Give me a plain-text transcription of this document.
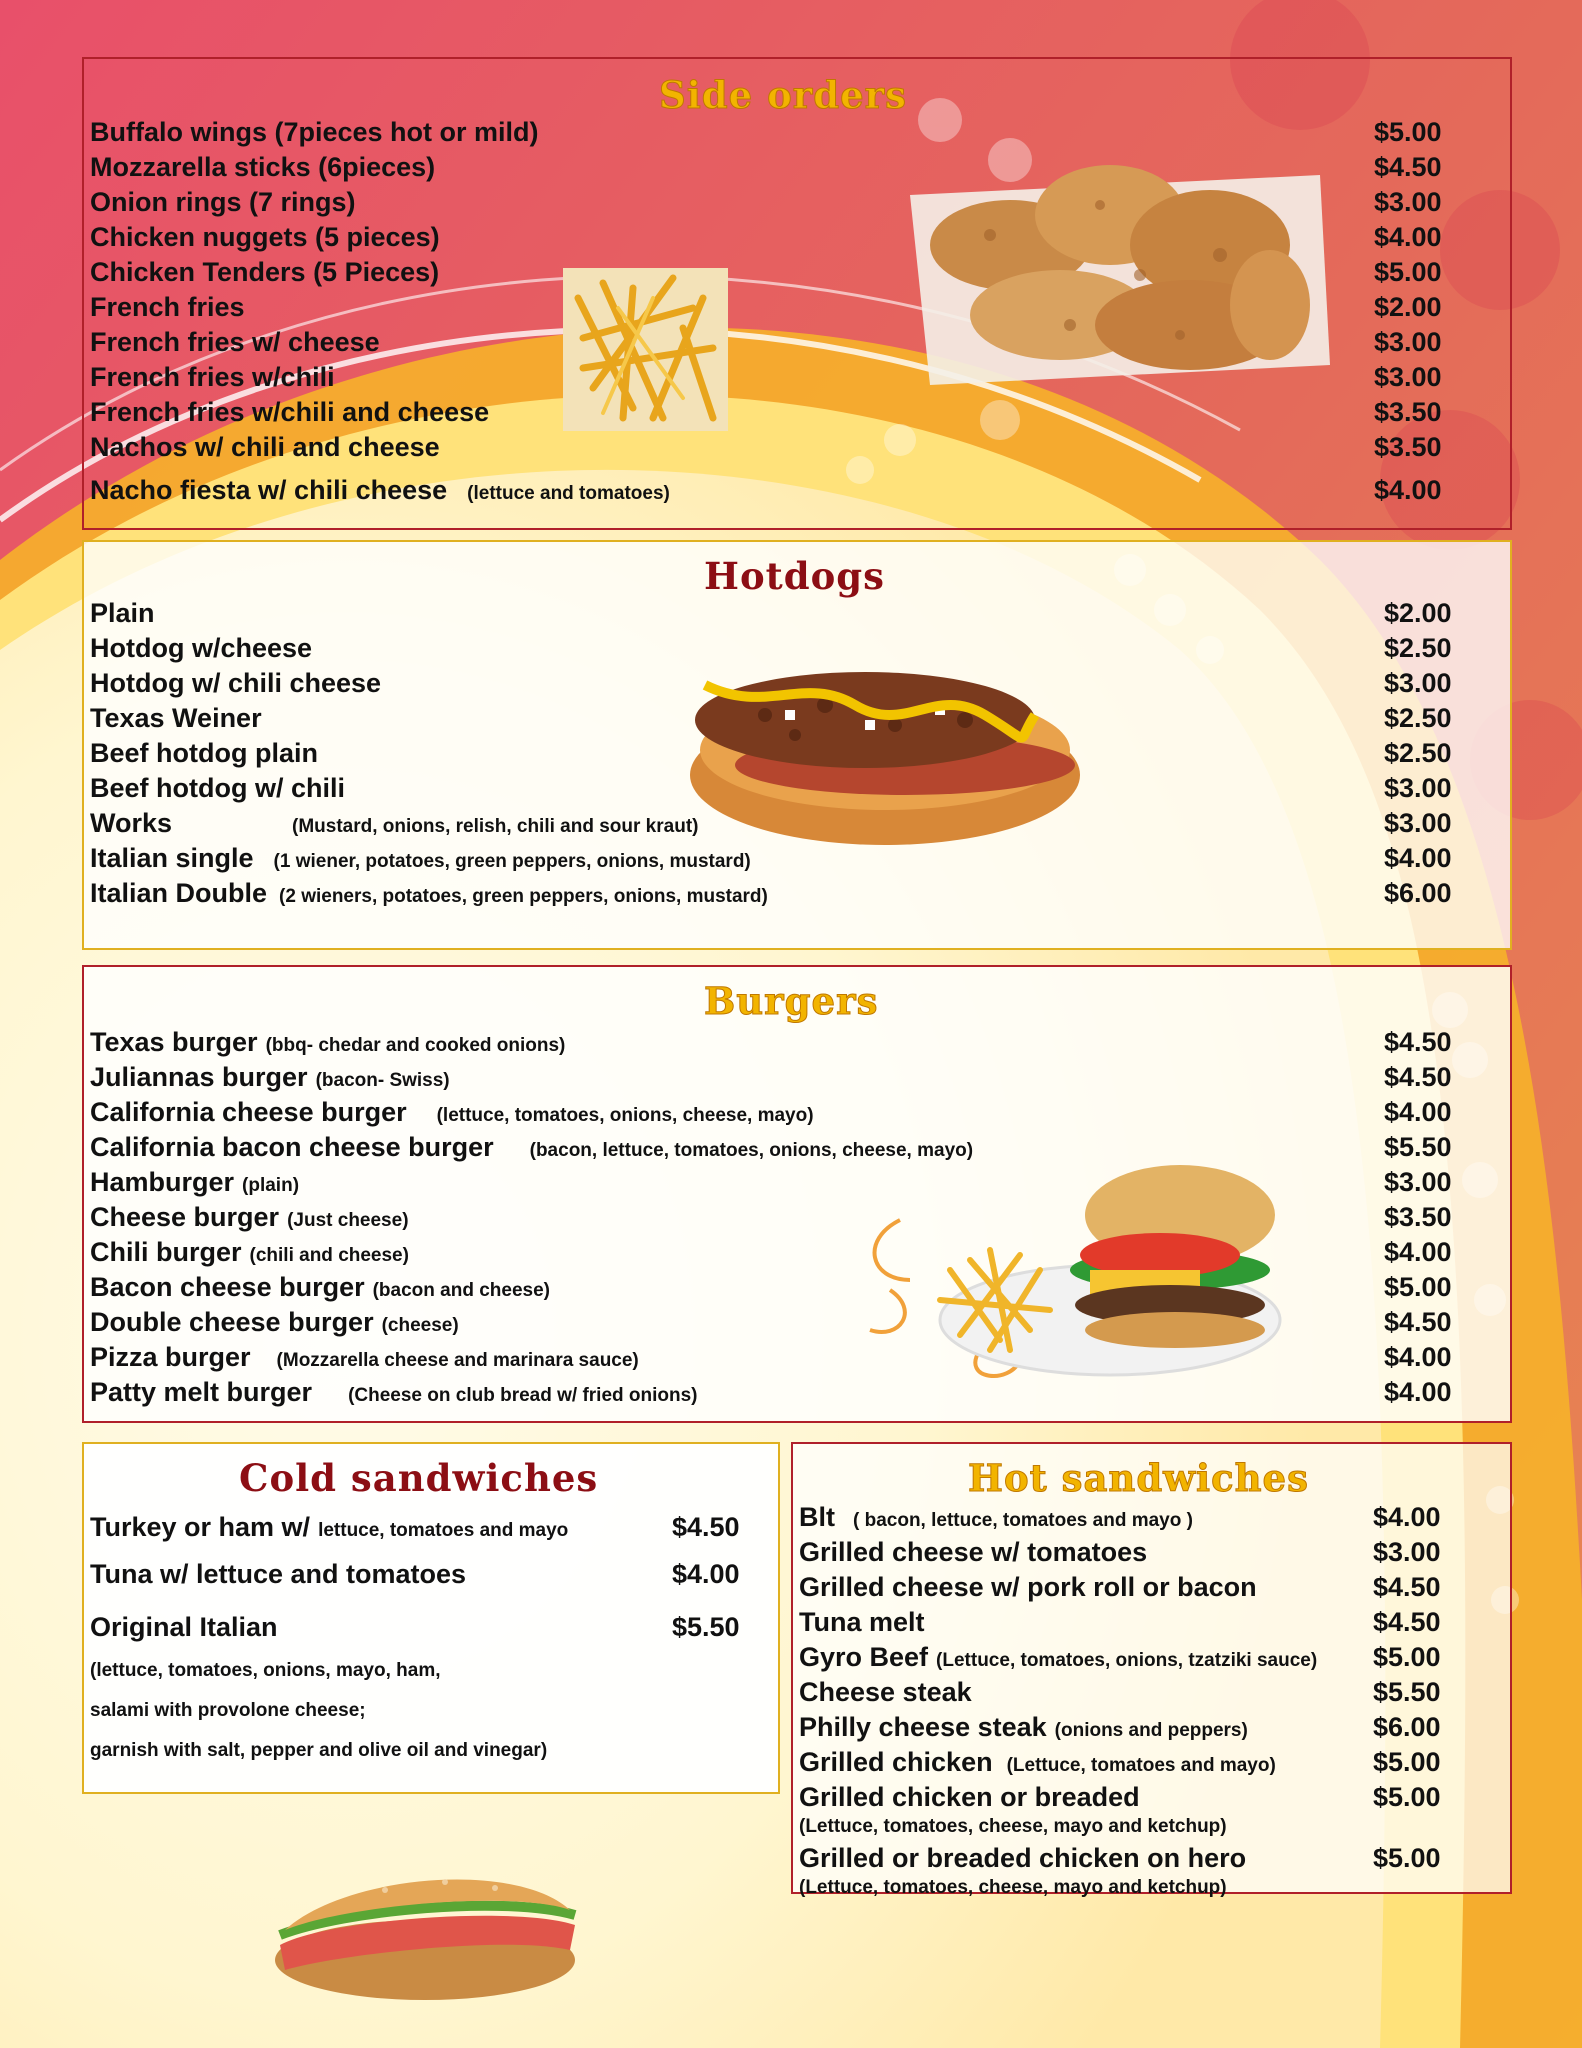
Side orders
Buffalo wings (7pieces hot or mild)	$5.00
Mozzarella sticks (6pieces)	$4.50
Onion rings (7 rings)	$3.00
Chicken nuggets (5 pieces)	$4.00
Chicken Tenders (5 Pieces)	$5.00
French fries	$2.00
French fries w/ cheese	$3.00
French fries w/chili	$3.00
French fries w/chili and cheese	$3.50
Nachos w/ chili and cheese	$3.50
Nacho fiesta w/ chili cheese (lettuce and tomatoes)	$4.00
Hotdogs
Plain	$2.00
Hotdog w/cheese	$2.50
Hotdog w/ chili cheese	$3.00
Texas Weiner	$2.50
Beef hotdog plain	$2.50
Beef hotdog w/ chili	$3.00
Works	(Mustard, onions, relish, chili and sour kraut)	$3.00
Italian single (1 wiener, potatoes, green peppers, onions, mustard)	$4.00
Italian Double (2 wieners, potatoes, green peppers, onions, mustard)	$6.00
Burgers
Texas burger (bbq- chedar and cooked onions)	$4.50
Juliannas burger (bacon- Swiss)	$4.50
California cheese burger (lettuce, tomatoes, onions, cheese, mayo)	$4.00
California bacon cheese burger (bacon, lettuce, tomatoes, onions, cheese, mayo)	$5.50
Hamburger (plain)	$3.00
Cheese burger (Just cheese)	$3.50
Chili burger (chili and cheese)	$4.00
Bacon cheese burger (bacon and cheese)	$5.00
Double cheese burger (cheese)	$4.50
Pizza burger (Mozzarella cheese and marinara sauce)	$4.00
Patty melt burger (Cheese on club bread w/ fried onions)	$4.00
Cold sandwiches
Turkey or ham w/ lettuce, tomatoes and mayo	$4.50
Tuna w/ lettuce and tomatoes	$4.00
Original Italian	$5.50
(lettuce, tomatoes, onions, mayo, ham,
salami with provolone cheese;
garnish with salt, pepper and olive oil and vinegar)
Hot sandwiches
Blt ( bacon, lettuce, tomatoes and mayo )	$4.00
Grilled cheese w/ tomatoes	$3.00
Grilled cheese w/ pork roll or bacon	$4.50
Tuna melt	$4.50
Gyro Beef (Lettuce, tomatoes, onions, tzatziki sauce) $5.00
Cheese steak	$5.50
Philly cheese steak (onions and peppers)	$6.00
Grilled chicken (Lettuce, tomatoes and mayo)	$5.00
Grilled chicken or breaded	$5.00
Grilled or breaded chicken on hero	$5.00
(Lettuce, tomatoes, cheese, mayo and ketchup)
(Lettuce, tomatoes, cheese, mayo and ketchup)
